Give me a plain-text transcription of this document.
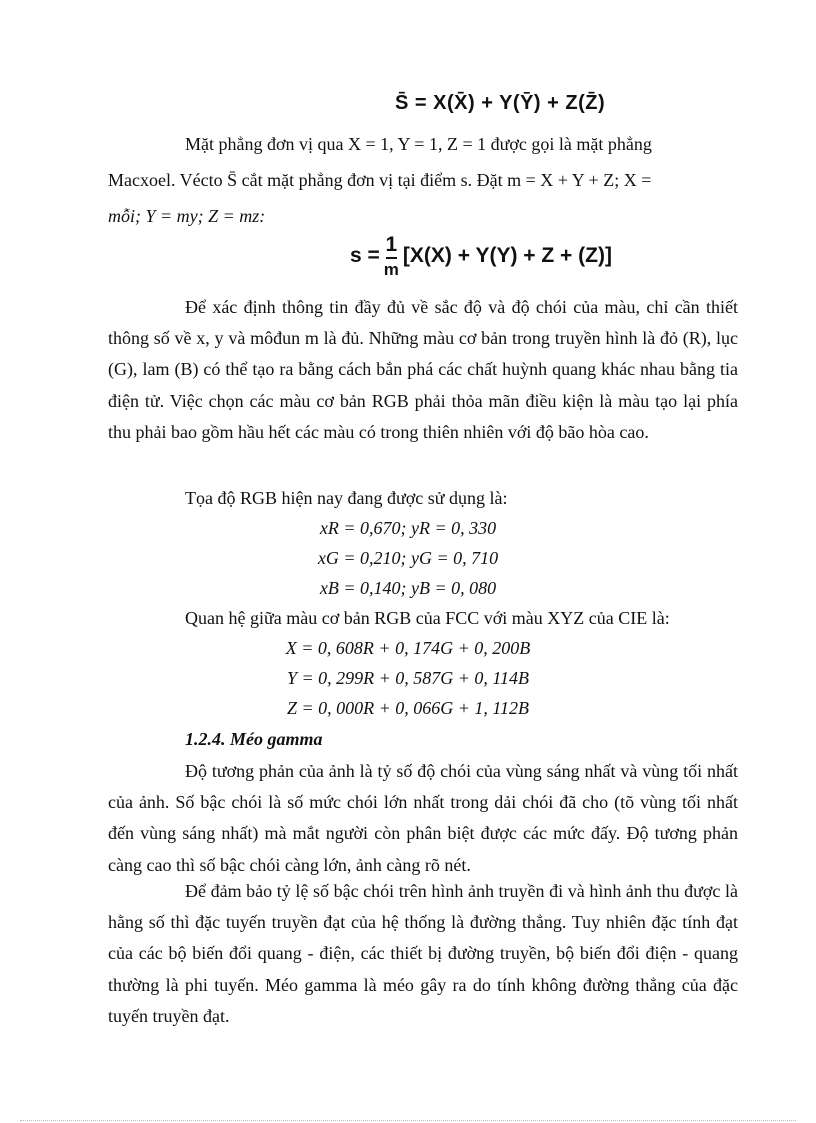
S̄ = X(X̄) + Y(Ȳ) + Z(Z̄)
Mặt phẳng đơn vị qua X = 1, Y = 1, Z = 1 được gọi là mặt phẳng
Macxoel. Vécto S̄ cắt mặt phẳng đơn vị tại điểm s. Đặt m = X + Y + Z; X =
mỗi; Y = my; Z = mz:
$s = \frac{1}{m} [X(X) + Y(Y) + Z + (Z)]$

Để xác định thông tin đầy đủ về sắc độ và độ chói của màu, chỉ cần thiết thông số về x, y và môđun m là đủ. Những màu cơ bản trong truyền hình là đỏ (R), lục (G), lam (B) có thể tạo ra bằng cách bắn phá các chất huỳnh quang khác nhau bằng tia điện tử. Việc chọn các màu cơ bản RGB phải thỏa mãn điều kiện là màu tạo lại phía thu phải bao gồm hầu hết các màu có trong thiên nhiên với độ bão hòa cao.

Tọa độ RGB hiện nay đang được sử dụng là:
xR = 0,670; yR = 0, 330
xG = 0,210; yG = 0, 710
xB = 0,140; yB = 0, 080
Quan hệ giữa màu cơ bản RGB của FCC với màu XYZ của CIE là:
X = 0, 608R + 0, 174G + 0, 200B
Y = 0, 299R + 0, 587G + 0, 114B
Z = 0, 000R + 0, 066G + 1, 112B
1.2.4. Méo gamma

Độ tương phản của ảnh là tỷ số độ chói của vùng sáng nhất và vùng tối nhất của ảnh. Số bậc chói là số mức chói lớn nhất trong dải chói đã cho (tõ vùng tối nhất đến vùng sáng nhất) mà mắt người còn phân biệt được các mức đấy. Độ tương phản càng cao thì số bậc chói càng lớn, ảnh càng rõ nét.

Để đảm bảo tỷ lệ số bậc chói trên hình ảnh truyền đi và hình ảnh thu được là hằng số thì đặc tuyến truyền đạt của hệ thống là đường thẳng. Tuy nhiên đặc tính đạt của các bộ biến đổi quang - điện, các thiết bị đường truyền, bộ biến đổi điện - quang thường là phi tuyến. Méo gamma là méo gây ra do tính không đường thẳng của đặc tuyến truyền đạt.
